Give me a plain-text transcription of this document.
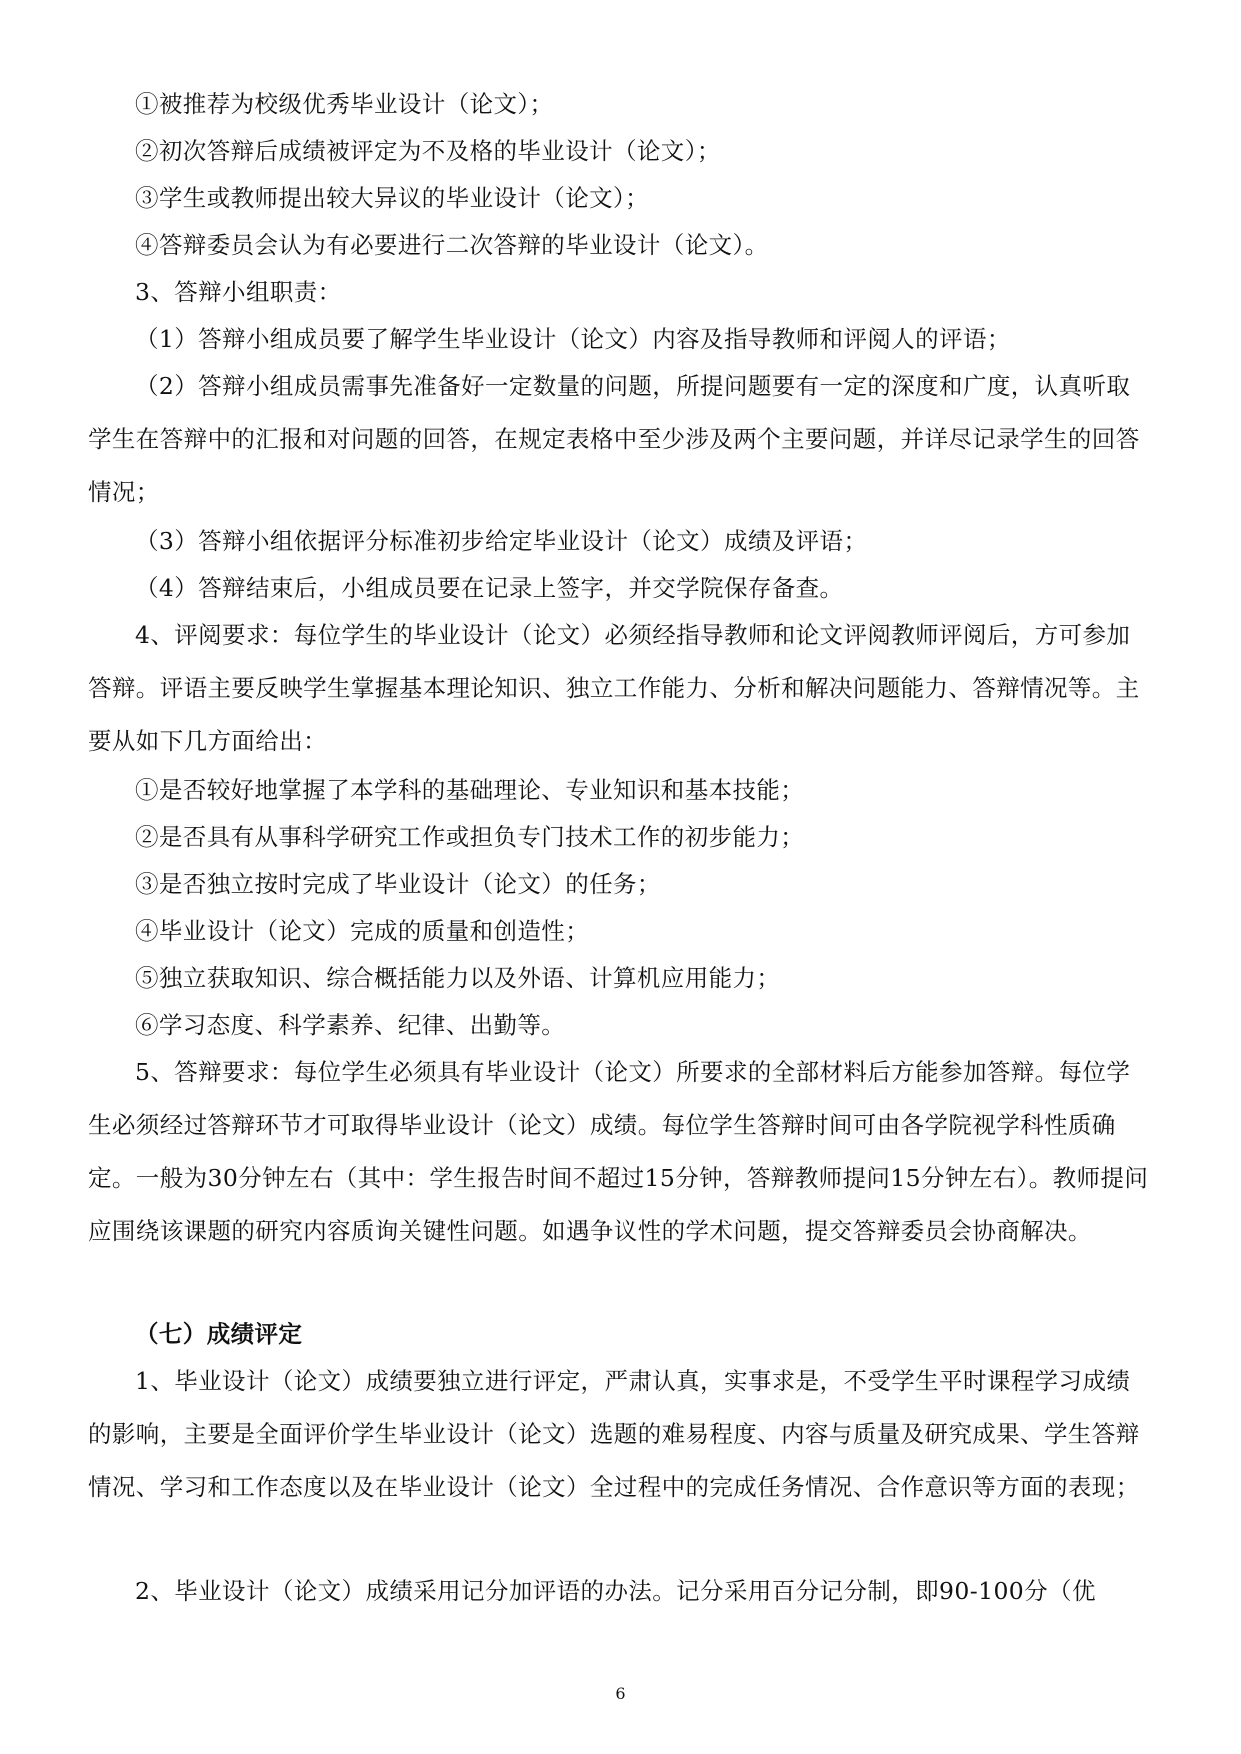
①被推荐为校级优秀毕业设计（论文）；

②初次答辩后成绩被评定为不及格的毕业设计（论文）；

③学生或教师提出较大异议的毕业设计（论文）；

④答辩委员会认为有必要进行二次答辩的毕业设计（论文）。

3、答辩小组职责：

（1）答辩小组成员要了解学生毕业设计（论文）内容及指导教师和评阅人的评语；

（2）答辩小组成员需事先准备好一定数量的问题，所提问题要有一定的深度和广度，认真听取学生在答辩中的汇报和对问题的回答，在规定表格中至少涉及两个主要问题，并详尽记录学生的回答情况；

（3）答辩小组依据评分标准初步给定毕业设计（论文）成绩及评语；

（4）答辩结束后，小组成员要在记录上签字，并交学院保存备查。

4、评阅要求：每位学生的毕业设计（论文）必须经指导教师和论文评阅教师评阅后，方可参加答辩。评语主要反映学生掌握基本理论知识、独立工作能力、分析和解决问题能力、答辩情况等。主要从如下几方面给出：

①是否较好地掌握了本学科的基础理论、专业知识和基本技能；

②是否具有从事科学研究工作或担负专门技术工作的初步能力；

③是否独立按时完成了毕业设计（论文）的任务；

④毕业设计（论文）完成的质量和创造性；

⑤独立获取知识、综合概括能力以及外语、计算机应用能力；

⑥学习态度、科学素养、纪律、出勤等。

5、答辩要求：每位学生必须具有毕业设计（论文）所要求的全部材料后方能参加答辩。每位学生必须经过答辩环节才可取得毕业设计（论文）成绩。每位学生答辩时间可由各学院视学科性质确定。一般为30分钟左右（其中：学生报告时间不超过15分钟，答辩教师提问15分钟左右）。教师提问应围绕该课题的研究内容质询关键性问题。如遇争议性的学术问题，提交答辩委员会协商解决。

（七）成绩评定

1、毕业设计（论文）成绩要独立进行评定，严肃认真，实事求是，不受学生平时课程学习成绩的影响，主要是全面评价学生毕业设计（论文）选题的难易程度、内容与质量及研究成果、学生答辩情况、学习和工作态度以及在毕业设计（论文）全过程中的完成任务情况、合作意识等方面的表现；

2、毕业设计（论文）成绩采用记分加评语的办法。记分采用百分记分制，即90-100分（优

6
